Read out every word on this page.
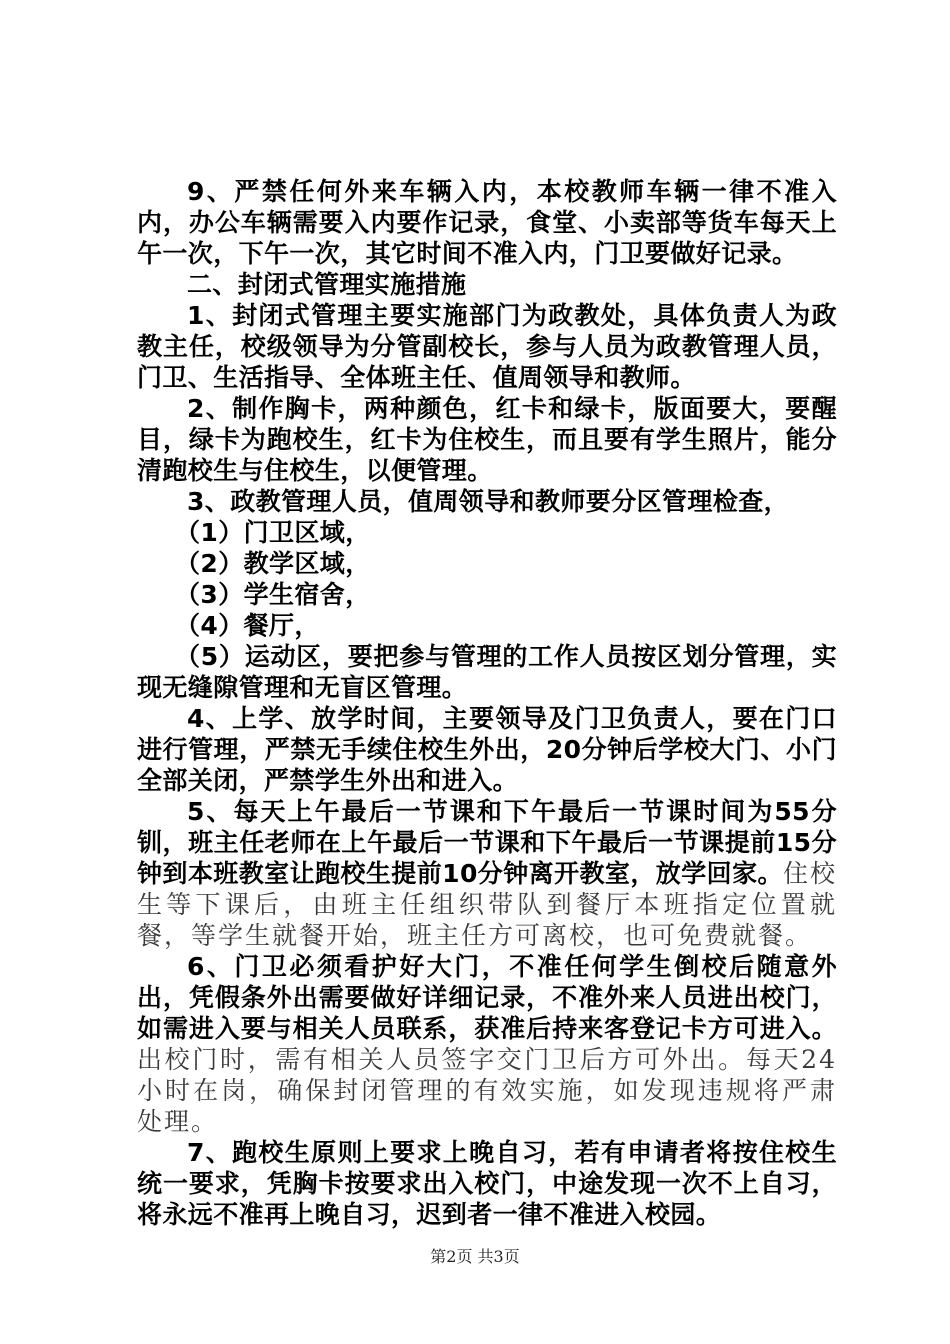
9、严禁任何外来车辆入内，本校教师车辆一律不准入内，办公车辆需要入内要作记录，食堂、小卖部等货车每天上午一次，下午一次，其它时间不准入内，门卫要做好记录。

二、封闭式管理实施措施

1、封闭式管理主要实施部门为政教处，具体负责人为政教主任，校级领导为分管副校长，参与人员为政教管理人员，门卫、生活指导、全体班主任、值周领导和教师。

2、制作胸卡，两种颜色，红卡和绿卡，版面要大，要醒目，绿卡为跑校生，红卡为住校生，而且要有学生照片，能分清跑校生与住校生，以便管理。

3、政教管理人员，值周领导和教师要分区管理检查，

（1）门卫区域，

（2）教学区域，

（3）学生宿舍，

（4）餐厅，

（5）运动区，要把参与管理的工作人员按区划分管理，实现无缝隙管理和无盲区管理。

4、上学、放学时间，主要领导及门卫负责人，要在门口进行管理，严禁无手续住校生外出，20分钟后学校大门、小门全部关闭，严禁学生外出和进入。

5、每天上午最后一节课和下午最后一节课时间为55分钏，班主任老师在上午最后一节课和下午最后一节课提前15分钟到本班教室让跑校生提前10分钟离开教室，放学回家。住校生等下课后，由班主任组织带队到餐厅本班指定位置就餐，等学生就餐开始，班主任方可离校，也可免费就餐。

6、门卫必须看护好大门，不准任何学生倒校后随意外出，凭假条外出需要做好详细记录，不准外来人员进出校门，如需进入要与相关人员联系，获准后持来客登记卡方可进入。出校门时，需有相关人员签字交门卫后方可外出。每天24小时在岗，确保封闭管理的有效实施，如发现违规将严肃处理。

7、跑校生原则上要求上晚自习，若有申请者将按住校生统一要求，凭胸卡按要求出入校门，中途发现一次不上自习，将永远不准再上晚自习，迟到者一律不准进入校园。

第2页 共3页
